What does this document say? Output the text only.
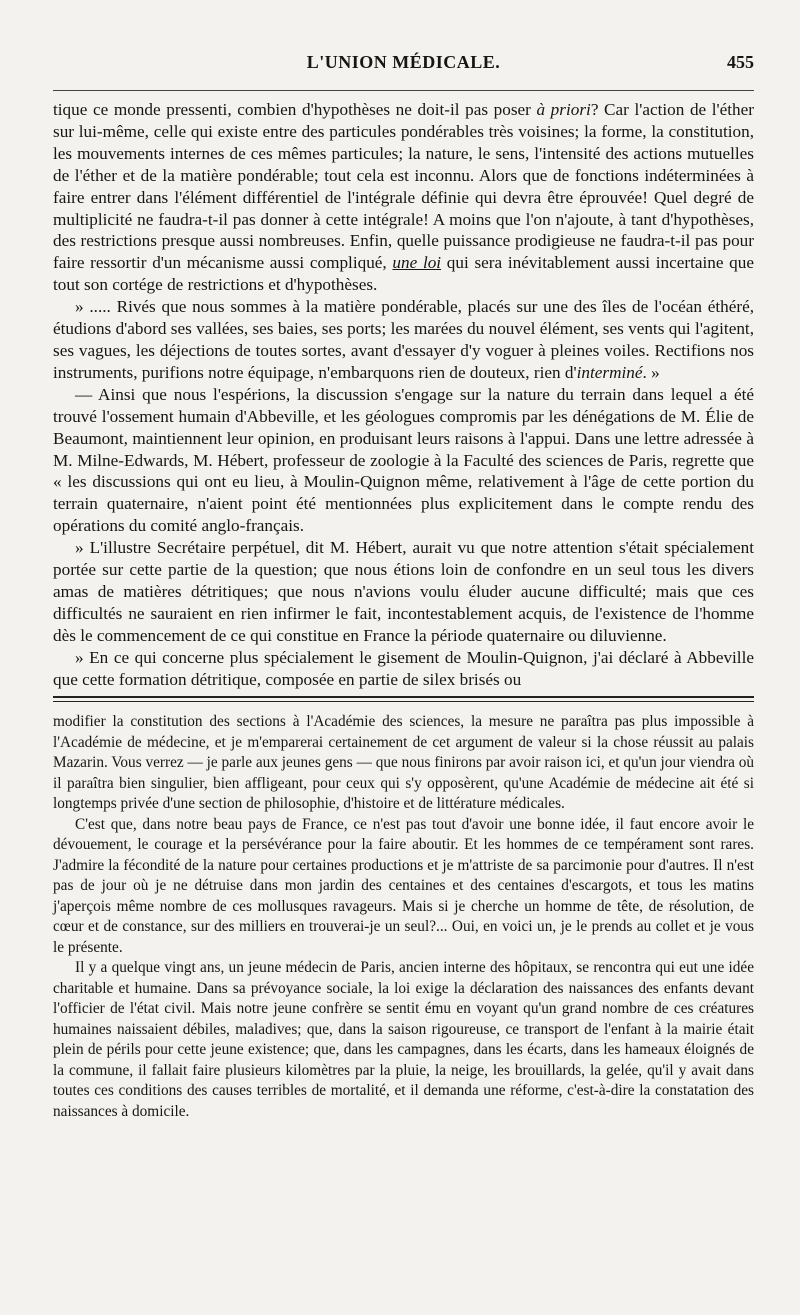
L'UNION MÉDICALE.	455

tique ce monde pressenti, combien d'hypothèses ne doit-il pas poser à priori? Car l'action de l'éther sur lui-même, celle qui existe entre des particules pondérables très voisines; la forme, la constitution, les mouvements internes de ces mêmes particules; la nature, le sens, l'intensité des actions mutuelles de l'éther et de la matière pondérable; tout cela est inconnu. Alors que de fonctions indéterminées à faire entrer dans l'élément différentiel de l'intégrale définie qui devra être éprouvée! Quel degré de multiplicité ne faudra-t-il pas donner à cette intégrale! A moins que l'on n'ajoute, à tant d'hypothèses, des restrictions presque aussi nombreuses. Enfin, quelle puissance prodigieuse ne faudra-t-il pas pour faire ressortir d'un mécanisme aussi compliqué, une loi qui sera inévitablement aussi incertaine que tout son cortége de restrictions et d'hypothèses.

» ..... Rivés que nous sommes à la matière pondérable, placés sur une des îles de l'océan éthéré, étudions d'abord ses vallées, ses baies, ses ports; les marées du nouvel élément, ses vents qui l'agitent, ses vagues, les déjections de toutes sortes, avant d'essayer d'y voguer à pleines voiles. Rectifions nos instruments, purifions notre équipage, n'embarquons rien de douteux, rien d'interminé. »

— Ainsi que nous l'espérions, la discussion s'engage sur la nature du terrain dans lequel a été trouvé l'ossement humain d'Abbeville, et les géologues compromis par les dénégations de M. Élie de Beaumont, maintiennent leur opinion, en produisant leurs raisons à l'appui. Dans une lettre adressée à M. Milne-Edwards, M. Hébert, professeur de zoologie à la Faculté des sciences de Paris, regrette que « les discussions qui ont eu lieu, à Moulin-Quignon même, relativement à l'âge de cette portion du terrain quaternaire, n'aient point été mentionnées plus explicitement dans le compte rendu des opérations du comité anglo-français.

» L'illustre Secrétaire perpétuel, dit M. Hébert, aurait vu que notre attention s'était spécialement portée sur cette partie de la question; que nous étions loin de confondre en un seul tous les divers amas de matières détritiques; que nous n'avions voulu éluder aucune difficulté; mais que ces difficultés ne sauraient en rien infirmer le fait, incontestablement acquis, de l'existence de l'homme dès le commencement de ce qui constitue en France la période quaternaire ou diluvienne.

» En ce qui concerne plus spécialement le gisement de Moulin-Quignon, j'ai déclaré à Abbeville que cette formation détritique, composée en partie de silex brisés ou

modifier la constitution des sections à l'Académie des sciences, la mesure ne paraîtra pas plus impossible à l'Académie de médecine, et je m'emparerai certainement de cet argument de valeur si la chose réussit au palais Mazarin. Vous verrez — je parle aux jeunes gens — que nous finirons par avoir raison ici, et qu'un jour viendra où il paraîtra bien singulier, bien affligeant, pour ceux qui s'y opposèrent, qu'une Académie de médecine ait été si longtemps privée d'une section de philosophie, d'histoire et de littérature médicales.

C'est que, dans notre beau pays de France, ce n'est pas tout d'avoir une bonne idée, il faut encore avoir le dévouement, le courage et la persévérance pour la faire aboutir. Et les hommes de ce tempérament sont rares. J'admire la fécondité de la nature pour certaines productions et je m'attriste de sa parcimonie pour d'autres. Il n'est pas de jour où je ne détruise dans mon jardin des centaines et des centaines d'escargots, et tous les matins j'aperçois même nombre de ces mollusques ravageurs. Mais si je cherche un homme de tête, de résolution, de cœur et de constance, sur des milliers en trouverai-je un seul?... Oui, en voici un, je le prends au collet et je vous le présente.

Il y a quelque vingt ans, un jeune médecin de Paris, ancien interne des hôpitaux, se rencontra qui eut une idée charitable et humaine. Dans sa prévoyance sociale, la loi exige la déclaration des naissances des enfants devant l'officier de l'état civil. Mais notre jeune confrère se sentit ému en voyant qu'un grand nombre de ces créatures humaines naissaient débiles, maladives; que, dans la saison rigoureuse, ce transport de l'enfant à la mairie était plein de périls pour cette jeune existence; que, dans les campagnes, dans les écarts, dans les hameaux éloignés de la commune, il fallait faire plusieurs kilomètres par la pluie, la neige, les brouillards, la gelée, qu'il y avait dans toutes ces conditions des causes terribles de mortalité, et il demanda une réforme, c'est-à-dire la constatation des naissances à domicile.
